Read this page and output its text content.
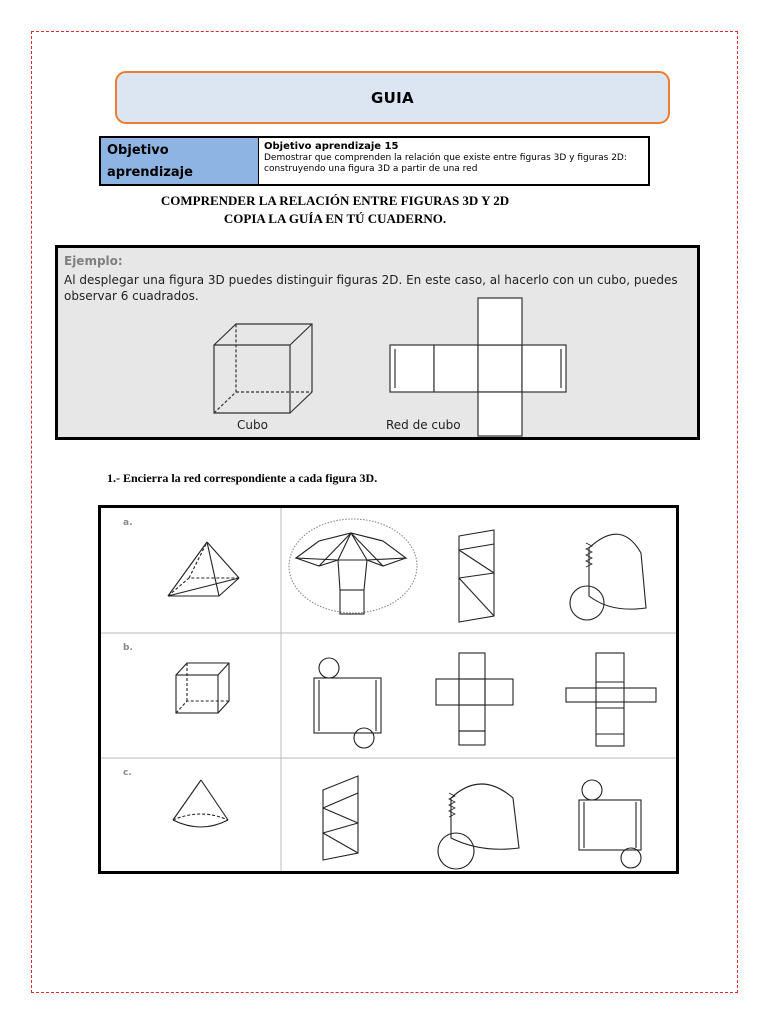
GUIA
Objetivo aprendizaje
Objetivo aprendizaje 15
Demostrar que comprenden la relación que existe entre figuras 3D y figuras 2D: construyendo una figura 3D a partir de una red
COMPRENDER LA RELACIÓN ENTRE FIGURAS 3D Y 2D
COPIA LA GUÍA EN TÚ CUADERNO.
Ejemplo:
Al desplegar una figura 3D puedes distinguir figuras 2D. En este caso, al hacerlo con un cubo, puedes observar 6 cuadrados.
Cubo	Red de cubo
1.- Encierra la red correspondiente a cada figura 3D.
a.
b.
c.
